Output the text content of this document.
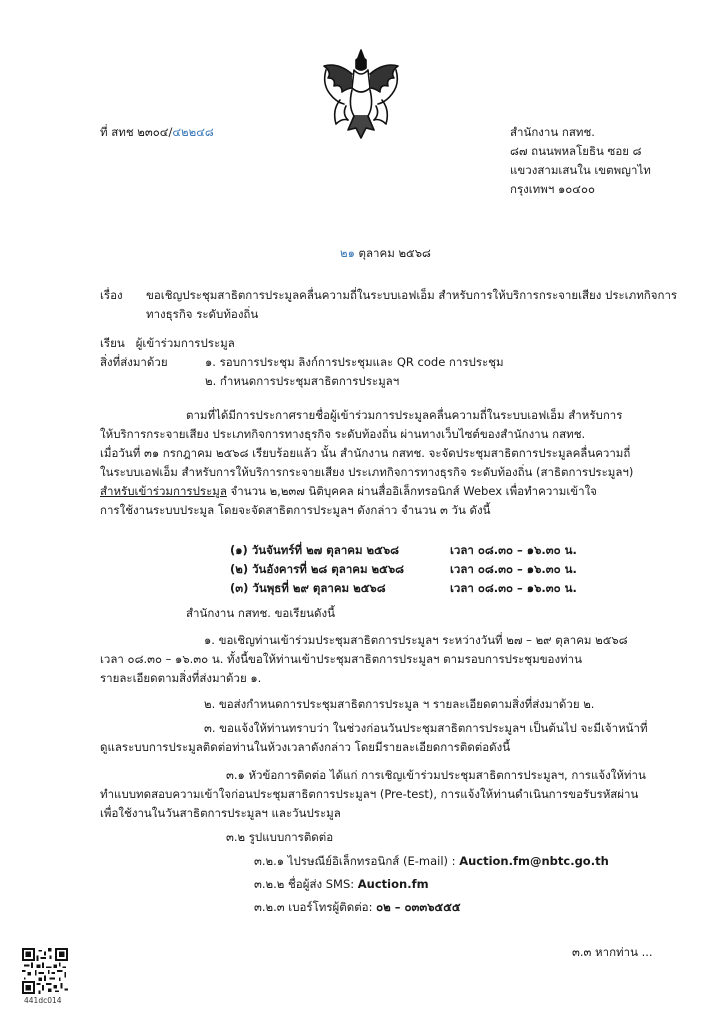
ที่ สทช ๒๓๐๔/๔๒๒๔๘	สำนักงาน กสทช.
๘๗ ถนนพหลโยธิน ซอย ๘
แขวงสามเสนใน เขตพญาไท
กรุงเทพฯ ๑๐๔๐๐
๒๑ ตุลาคม ๒๕๖๘
เรื่อง ขอเชิญประชุมสาธิตการประมูลคลื่นความถี่ในระบบเอฟเอ็ม สำหรับการให้บริการกระจายเสียง ประเภทกิจการ
ทางธุรกิจ ระดับท้องถิ่น
เรียน ผู้เข้าร่วมการประมูล
สิ่งที่ส่งมาด้วย	๑. รอบการประชุม ลิงก์การประชุมและ QR code การประชุม
๒. กำหนดการประชุมสาธิตการประมูลฯ
ตามที่ได้มีการประกาศรายชื่อผู้เข้าร่วมการประมูลคลื่นความถี่ในระบบเอฟเอ็ม สำหรับการ
ให้บริการกระจายเสียง ประเภทกิจการทางธุรกิจ ระดับท้องถิ่น ผ่านทางเว็บไซต์ของสำนักงาน กสทช.
เมื่อวันที่ ๓๑ กรกฎาคม ๒๕๖๘ เรียบร้อยแล้ว นั้น สำนักงาน กสทช. จะจัดประชุมสาธิตการประมูลคลื่นความถี่
ในระบบเอฟเอ็ม สำหรับการให้บริการกระจายเสียง ประเภทกิจการทางธุรกิจ ระดับท้องถิ่น (สาธิตการประมูลฯ)
สำหรับเข้าร่วมการประมูล จำนวน ๒,๒๓๗ นิติบุคคล ผ่านสื่ออิเล็กทรอนิกส์ Webex เพื่อทำความเข้าใจ
การใช้งานระบบประมูล โดยจะจัดสาธิตการประมูลฯ ดังกล่าว จำนวน ๓ วัน ดังนี้
(๑) วันจันทร์ที่ ๒๗ ตุลาคม ๒๕๖๘	เวลา ๐๘.๓๐ – ๑๖.๓๐ น.
(๒) วันอังคารที่ ๒๘ ตุลาคม ๒๕๖๘	เวลา ๐๘.๓๐ – ๑๖.๓๐ น.
(๓) วันพุธที่ ๒๙ ตุลาคม ๒๕๖๘	เวลา ๐๘.๓๐ – ๑๖.๓๐ น.
สำนักงาน กสทช. ขอเรียนดังนี้
๑. ขอเชิญท่านเข้าร่วมประชุมสาธิตการประมูลฯ ระหว่างวันที่ ๒๗ – ๒๙ ตุลาคม ๒๕๖๘
เวลา ๐๘.๓๐ – ๑๖.๓๐ น. ทั้งนี้ขอให้ท่านเข้าประชุมสาธิตการประมูลฯ ตามรอบการประชุมของท่าน
รายละเอียดตามสิ่งที่ส่งมาด้วย ๑.
๒. ขอส่งกำหนดการประชุมสาธิตการประมูล ฯ รายละเอียดตามสิ่งที่ส่งมาด้วย ๒.
๓. ขอแจ้งให้ท่านทราบว่า ในช่วงก่อนวันประชุมสาธิตการประมูลฯ เป็นต้นไป จะมีเจ้าหน้าที่
ดูแลระบบการประมูลติดต่อท่านในห้วงเวลาดังกล่าว โดยมีรายละเอียดการติดต่อดังนี้
๓.๑ หัวข้อการติดต่อ ได้แก่ การเชิญเข้าร่วมประชุมสาธิตการประมูลฯ, การแจ้งให้ท่าน
ทำแบบทดสอบความเข้าใจก่อนประชุมสาธิตการประมูลฯ (Pre-test), การแจ้งให้ท่านดำเนินการขอรับรหัสผ่าน
เพื่อใช้งานในวันสาธิตการประมูลฯ และวันประมูล
๓.๒ รูปแบบการติดต่อ
๓.๒.๑ ไปรษณีย์อิเล็กทรอนิกส์ (E-mail) : Auction.fm@nbtc.go.th
๓.๒.๒ ชื่อผู้ส่ง SMS: Auction.fm
๓.๒.๓ เบอร์โทรผู้ติดต่อ: ๐๒ – ๐๓๓๖๕๕๕
๓.๓ หากท่าน ...
441dc014
